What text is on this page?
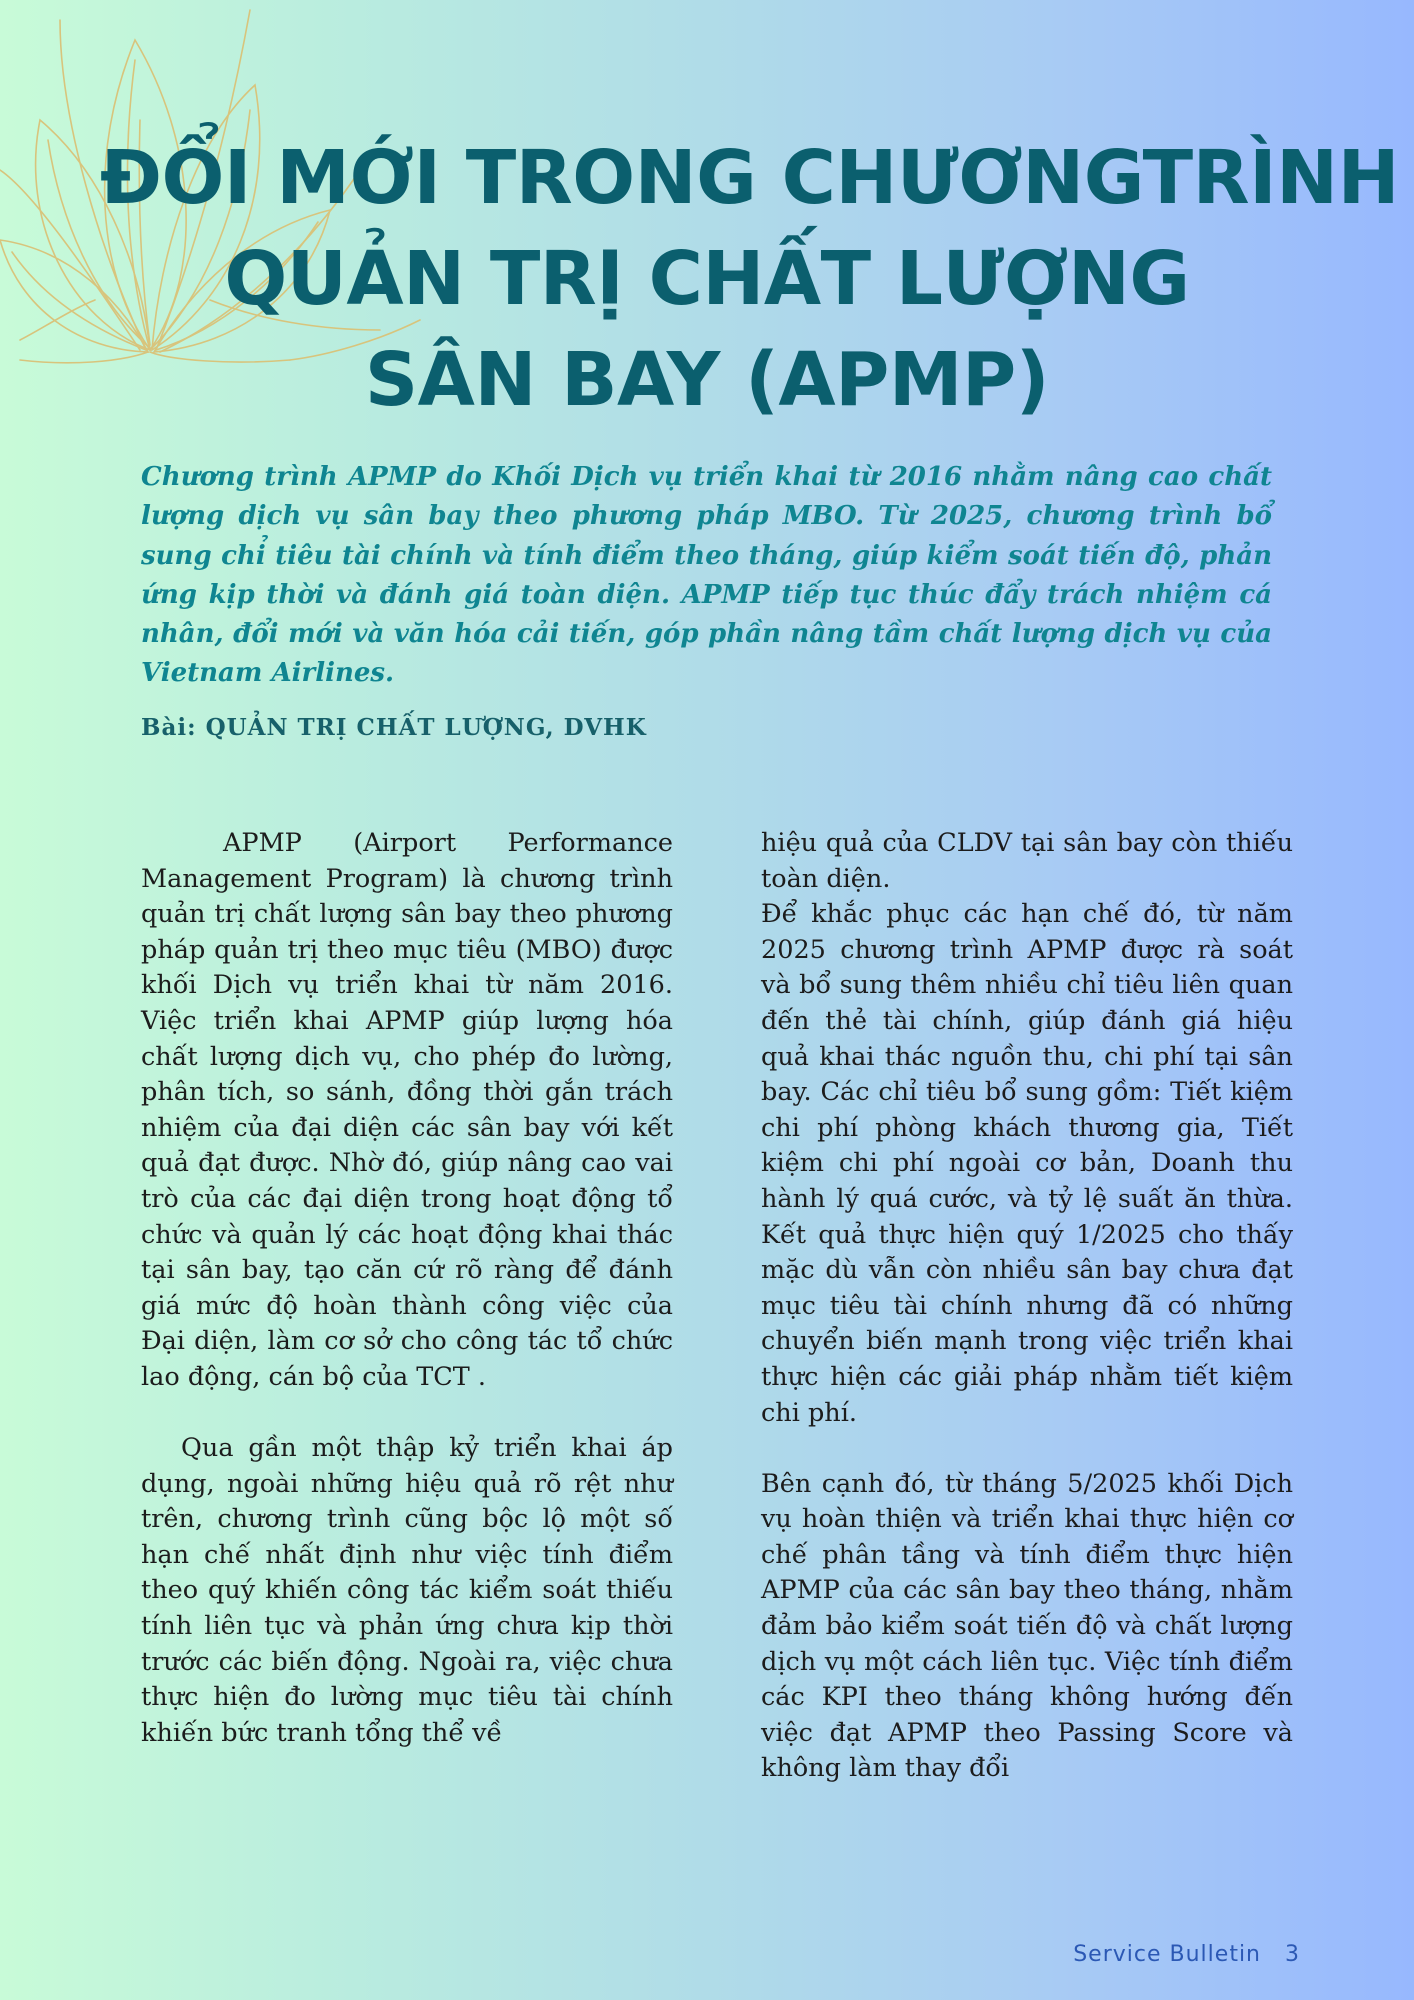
ĐỔI MỚI TRONG CHƯƠNGTRÌNH
QUẢN TRỊ CHẤT LƯỢNG
SÂN BAY (APMP)

Chương trình APMP do Khối Dịch vụ triển khai từ 2016 nhằm nâng cao chất lượng dịch vụ sân bay theo phương pháp MBO. Từ 2025, chương trình bổ sung chỉ tiêu tài chính và tính điểm theo tháng, giúp kiểm soát tiến độ, phản ứng kịp thời và đánh giá toàn diện. APMP tiếp tục thúc đẩy trách nhiệm cá nhân, đổi mới và văn hóa cải tiến, góp phần nâng tầm chất lượng dịch vụ của Vietnam Airlines.

Bài: QUẢN TRỊ CHẤT LƯỢNG, DVHK

APMP (Airport Performance Management Program) là chương trình quản trị chất lượng sân bay theo phương pháp quản trị theo mục tiêu (MBO) được khối Dịch vụ triển khai từ năm 2016. Việc triển khai APMP giúp lượng hóa chất lượng dịch vụ, cho phép đo lường, phân tích, so sánh, đồng thời gắn trách nhiệm của đại diện các sân bay với kết quả đạt được. Nhờ đó, giúp nâng cao vai trò của các đại diện trong hoạt động tổ chức và quản lý các hoạt động khai thác tại sân bay, tạo căn cứ rõ ràng để đánh giá mức độ hoàn thành công việc của Đại diện, làm cơ sở cho công tác tổ chức lao động, cán bộ của TCT .

Qua gần một thập kỷ triển khai áp dụng, ngoài những hiệu quả rõ rệt như trên, chương trình cũng bộc lộ một số hạn chế nhất định như việc tính điểm theo quý khiến công tác kiểm soát thiếu tính liên tục và phản ứng chưa kịp thời trước các biến động. Ngoài ra, việc chưa thực hiện đo lường mục tiêu tài chính khiến bức tranh tổng thể về

hiệu quả của CLDV tại sân bay còn thiếu toàn diện.

Để khắc phục các hạn chế đó, từ năm 2025 chương trình APMP được rà soát và bổ sung thêm nhiều chỉ tiêu liên quan đến thẻ tài chính, giúp đánh giá hiệu quả khai thác nguồn thu, chi phí tại sân bay. Các chỉ tiêu bổ sung gồm: Tiết kiệm chi phí phòng khách thương gia, Tiết kiệm chi phí ngoài cơ bản, Doanh thu hành lý quá cước, và tỷ lệ suất ăn thừa. Kết quả thực hiện quý 1/2025 cho thấy mặc dù vẫn còn nhiều sân bay chưa đạt mục tiêu tài chính nhưng đã có những chuyển biến mạnh trong việc triển khai thực hiện các giải pháp nhằm tiết kiệm chi phí.

Bên cạnh đó, từ tháng 5/2025 khối Dịch vụ hoàn thiện và triển khai thực hiện cơ chế phân tầng và tính điểm thực hiện APMP của các sân bay theo tháng, nhằm đảm bảo kiểm soát tiến độ và chất lượng dịch vụ một cách liên tục. Việc tính điểm các KPI theo tháng không hướng đến việc đạt APMP theo Passing Score và không làm thay đổi

Service Bulletin 3
